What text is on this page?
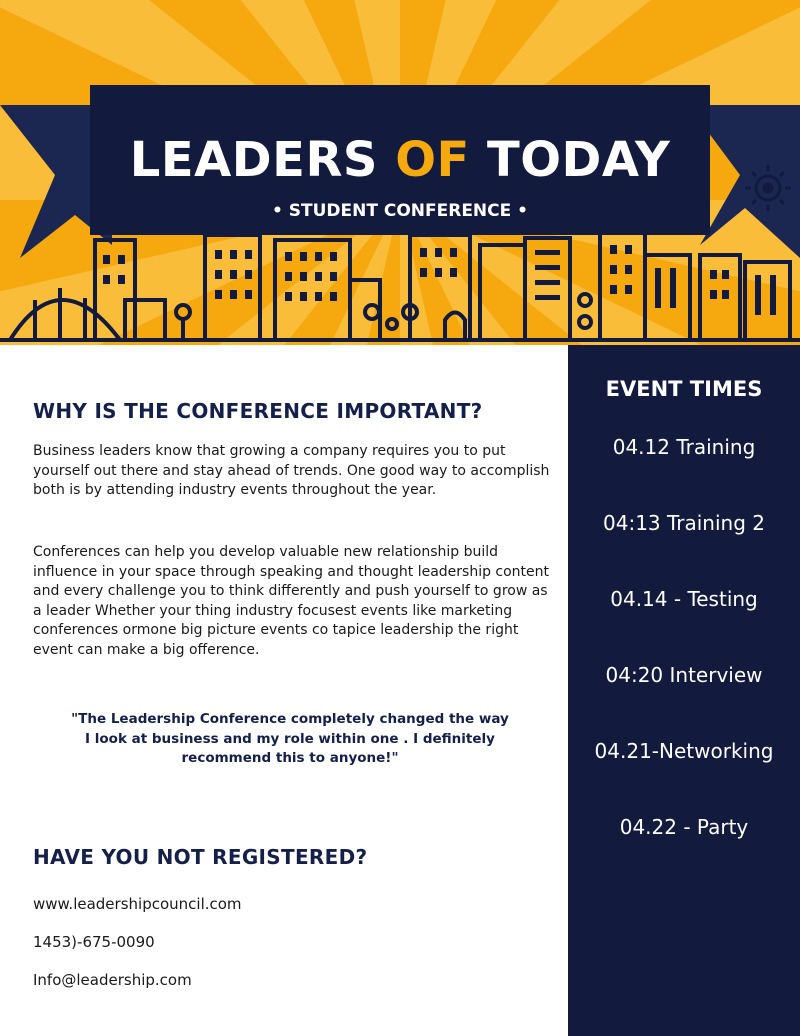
LEADERS OF TODAY
• STUDENT CONFERENCE •
WHY IS THE CONFERENCE IMPORTANT?

Business leaders know that growing a company requires you to put yourself out there and stay ahead of trends. One good way to accomplish both is by attending industry events throughout the year.

Conferences can help you develop valuable new relationship build influence in your space through speaking and thought leadership content and every challenge you to think differently and push yourself to grow as a leader Whether your thing industry focusest events like marketing conferences ormone big picture events co tapice leadership the right event can make a big ofference.

"The Leadership Conference completely changed the way I look at business and my role within one . I definitely recommend this to anyone!"

HAVE YOU NOT REGISTERED?

www.leadershipcouncil.com

1453)-675-0090

Info@leadership.com

EVENT TIMES
04.12 Training
04:13 Training 2
04.14 - Testing
04:20 Interview
04.21-Networking
04.22 - Party
